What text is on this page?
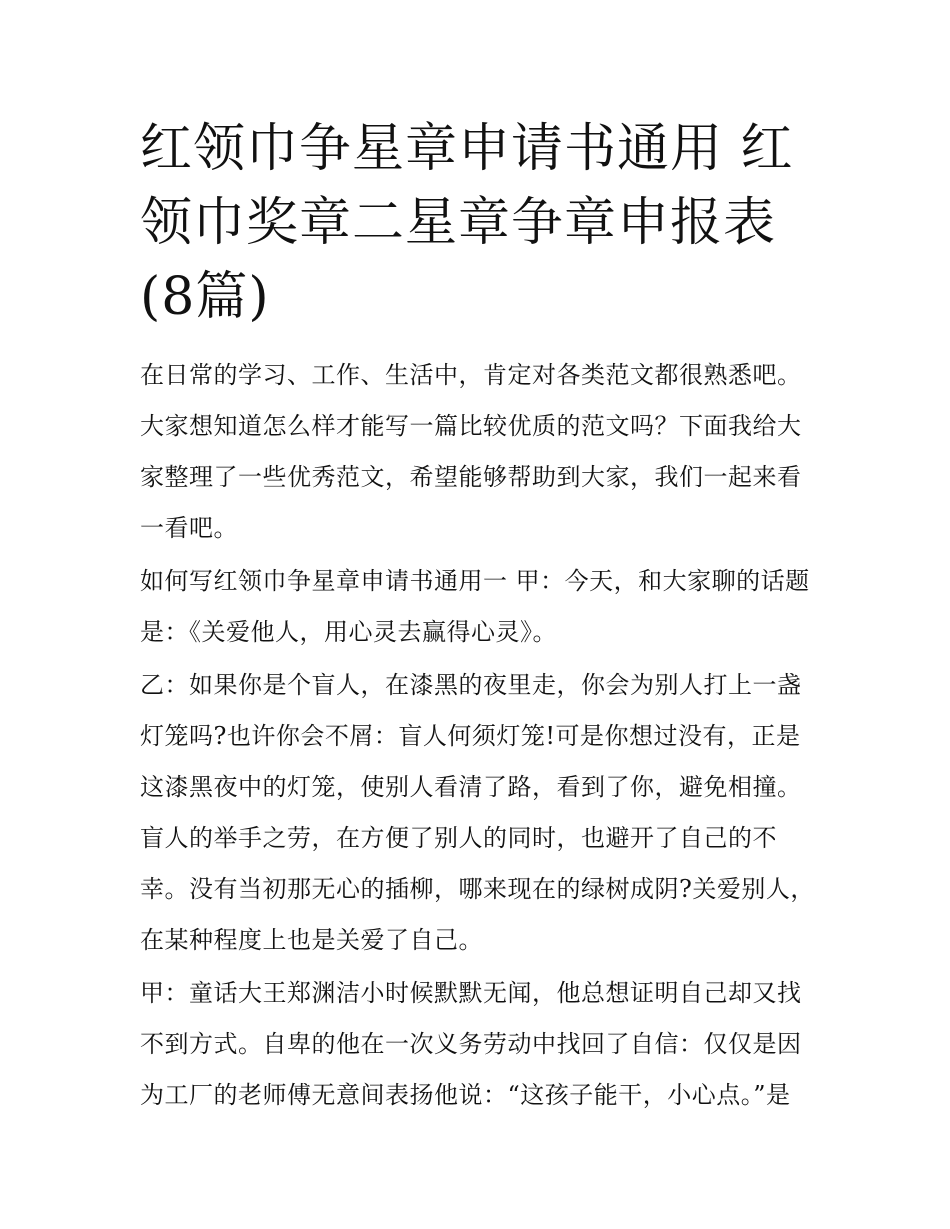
红领巾争星章申请书通用 红领巾奖章二星章争章申报表(8篇)

在日常的学习、工作、生活中，肯定对各类范文都很熟悉吧。大家想知道怎么样才能写一篇比较优质的范文吗？下面我给大家整理了一些优秀范文，希望能够帮助到大家，我们一起来看一看吧。

如何写红领巾争星章申请书通用一 甲：今天，和大家聊的话题是：《关爱他人，用心灵去赢得心灵》。

乙：如果你是个盲人，在漆黑的夜里走，你会为别人打上一盏灯笼吗?也许你会不屑：盲人何须灯笼!可是你想过没有，正是这漆黑夜中的灯笼，使别人看清了路，看到了你，避免相撞。盲人的举手之劳，在方便了别人的同时，也避开了自己的不幸。没有当初那无心的插柳，哪来现在的绿树成阴?关爱别人，在某种程度上也是关爱了自己。

甲：童话大王郑渊洁小时候默默无闻，他总想证明自己却又找不到方式。自卑的他在一次义务劳动中找回了自信：仅仅是因为工厂的老师傅无意间表扬他说：“这孩子能干，小心点。”是
